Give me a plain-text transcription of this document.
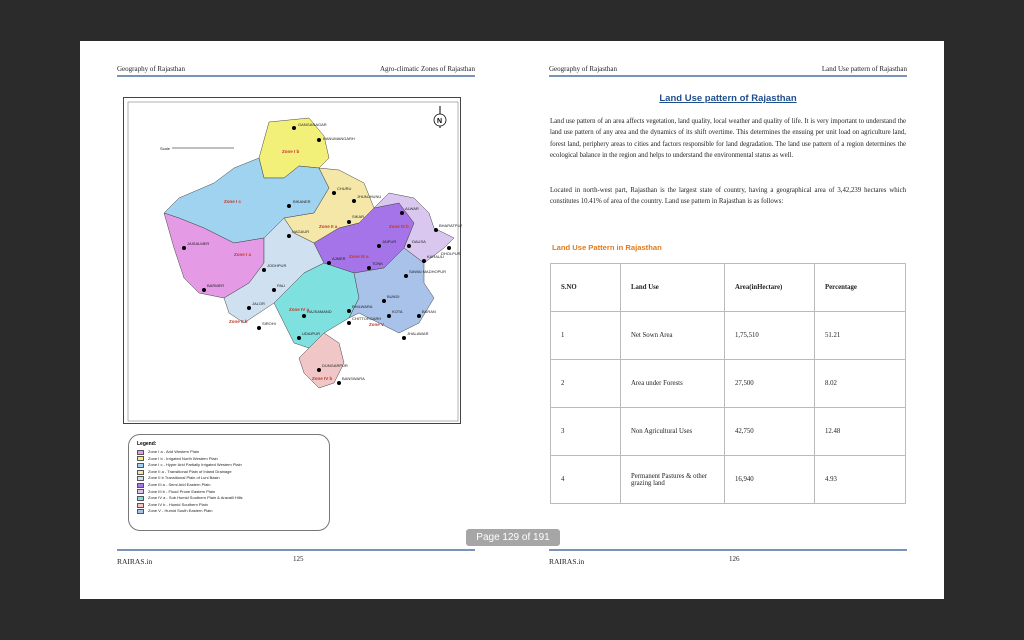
Geography of Rajasthan	Agro-climatic Zones of Rajasthan
GANGANAGAR
HANUMANGARH
BIKANER
CHURU
JHUNJHUNU
SIKAR
ALWAR
BHARATPUR
DHOLPUR
JAISALMER
NAGAUR
JAIPUR	DAUSA
KARAULI
JODHPUR
AJMER
TONK
SAWAI MADHOPUR
BARMER	PALI
BUNDI
KOTA	BARAN
JALOR
SIROHI
RAJSAMAND
BHILWARA
CHITTORGARH
JHALAWAR
UDAIPUR
DUNGARPUR
BANSWARA
Zone I b
Zone I c
Zone I a
Zone II a
Zone II b
Zone III a
Zone III b
Zone IV a
Zone V
Zone IV b
N
Scale
Legend:
Zone I a - Arid Western Plain
Zone I b - Irrigated North Western Plain
Zone I c - Hyper Arid Partially Irrigated Western Plain
Zone II a - Transitional Plain of Inland Drainage
Zone II b Transitional Plain of Luni Basin
Zone III a - Semi Arid Eastern Plain
Zone III b - Flood Prone Eastern Plain
Zone IV a - Sub Humid Southern Plain & Aravalli Hills
Zone IV b - Humid Southern Plain
Zone V - Humid South Eastern Plain
RAIRAS.in	125
Geography of Rajasthan	Land Use pattern of Rajasthan
Land Use pattern of Rajasthan

Land use pattern of an area affects vegetation, land quality, local weather and quality of life. It is very important to understand the land use pattern of any area and the dynamics of its shift overtime. This determines the ensuing per unit load on agriculture land, forest land, periphery areas to cities and factors responsible for land degradation. The land use pattern of a region determines the ecological balance in the region and helps to understand the environmental status as well.

Located in north-west part, Rajasthan is the largest state of country, having a geographical area of 3,42,239 hectares which constitutes 10.41% of area of the country. Land use pattern in Rajasthan is as follows:

Land Use Pattern in Rajasthan
S.NO	Land Use	Area(inHectare)	Percentage
1	Net Sown Area	1,75,510	51.21
2	Area under Forests	27,500	8.02
3	Non Agricultural Uses	42,750	12.48
4	Permanent Pastures & other grazing land	16,940	4.93
RAIRAS.in	126
Page 129 of 191
